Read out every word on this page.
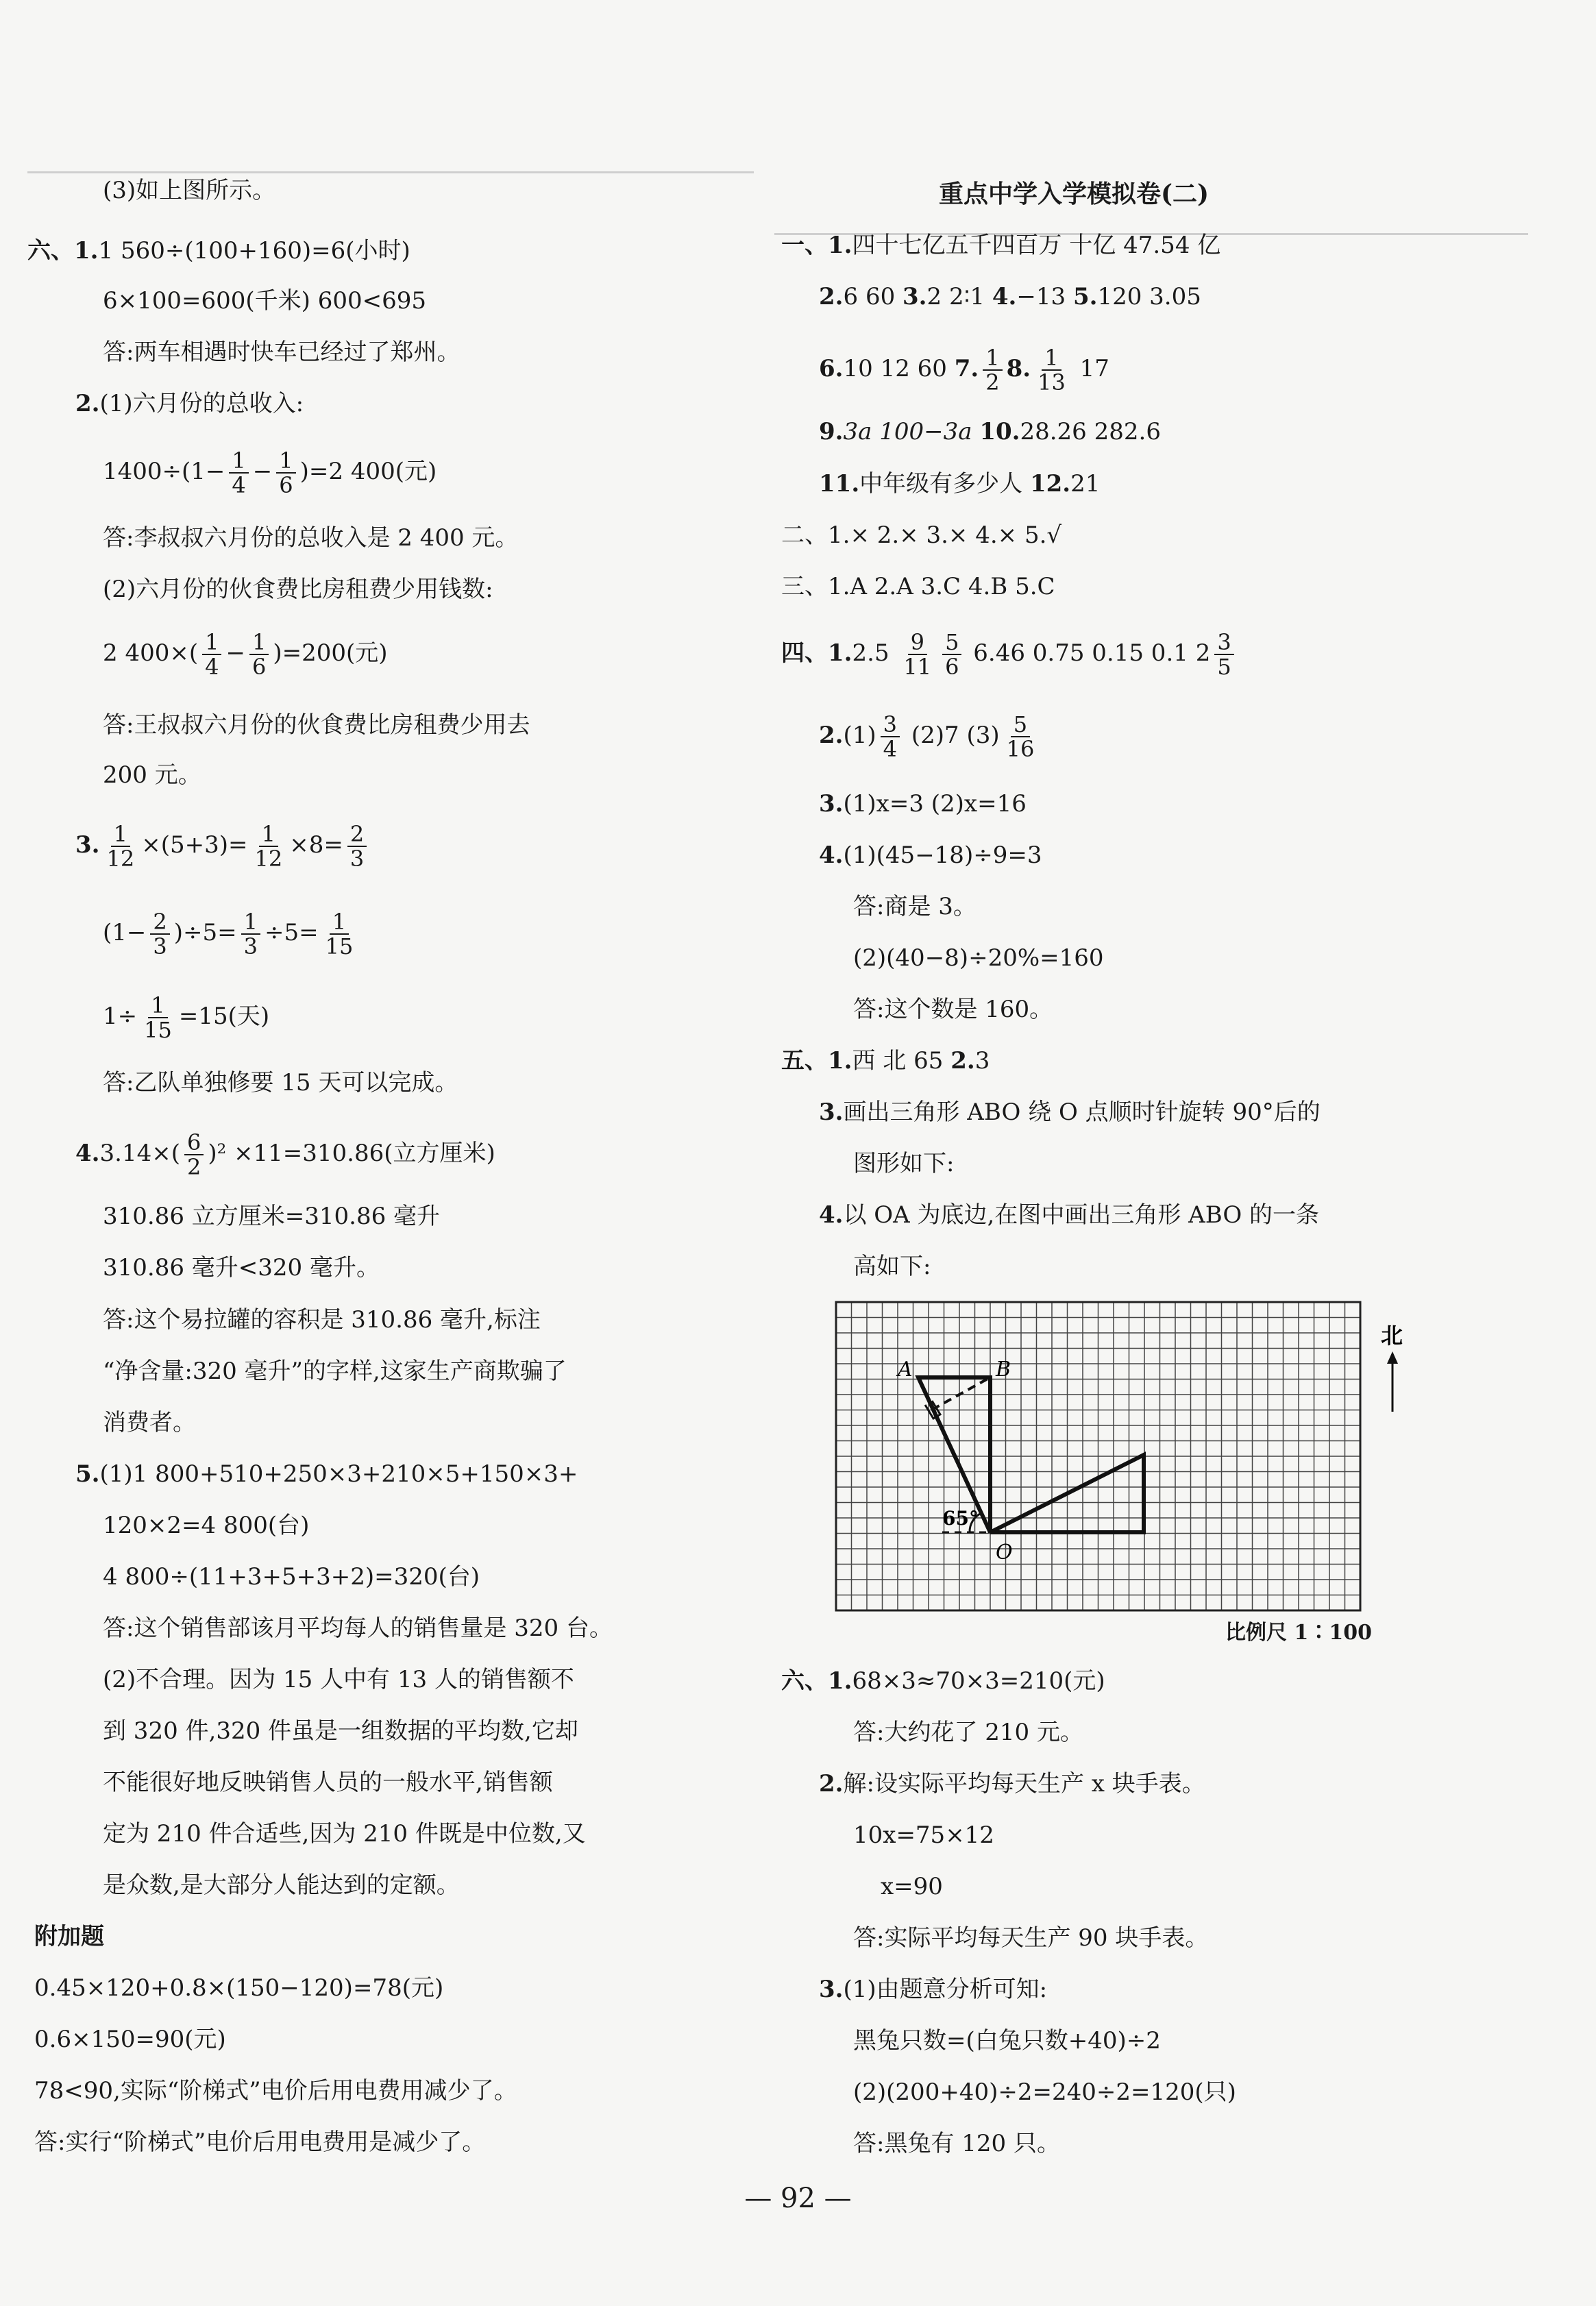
(3)如上图所示。
六、1.1 560÷(100+160)=6(小时)
6×100=600(千米) 600<695
答:两车相遇时快车已经过了郑州。
2.(1)六月份的总收入:
$1400\div(1- \frac{1}{4} - \frac{1}{6} )=2$ 400(元)
答:李叔叔六月份的总收入是 2 400 元。
(2)六月份的伙食费比房租费少用钱数:
2 $400\times( \frac{1}{4} - \frac{1}{6} )=200$(元)
答:王叔叔六月份的伙食费比房租费少用去
200 元。
3. $\frac{1}{12} \times(5+3)= \frac{1}{12} \times 8= \frac{2}{3}$
$(1- \frac{2}{3} )\div 5= \frac{1}{3} \div 5= \frac{1}{15}$
$1\div \frac{1}{15} =15$(天)
答:乙队单独修要 15 天可以完成。
$4.3.14\times( \frac{6}{2} )^2 \times 11=310.86$(立方厘米)
310.86 立方厘米=310.86 毫升
310.86 毫升<320 毫升。
答:这个易拉罐的容积是 310.86 毫升,标注
“净含量:320 毫升”的字样,这家生产商欺骗了
消费者。
5.(1)1 800+510+250×3+210×5+150×3+
120×2=4 800(台)
4 800÷(11+3+5+3+2)=320(台)
答:这个销售部该月平均每人的销售量是 320 台。
(2)不合理。因为 15 人中有 13 人的销售额不
到 320 件,320 件虽是一组数据的平均数,它却
不能很好地反映销售人员的一般水平,销售额
定为 210 件合适些,因为 210 件既是中位数,又
是众数,是大部分人能达到的定额。
附加题
0.45×120+0.8×(150−120)=78(元)
0.6×150=90(元)
78<90,实际“阶梯式”电价后用电费用减少了。
答:实行“阶梯式”电价后用电费用是减少了。
重点中学入学模拟卷(二)
一、1.四十七亿五千四百万 十亿 47.54 亿
2.6 60 3.2 2∶1 4.−13 5.120 3.05
6.10 12 60 7. $\frac{1}{2} 8$. $\frac{1}{13} 17$
9.3a 100−3a 10.28.26 282.6
11.中年级有多少人 12.21
二、1.× 2.× 3.× 4.× 5.√
三、1.A 2.A 3.C 4.B 5.C
四、$1.2.5 \frac{9}{11} \frac{5}{6} 6.46$ 0.75 0.15 0.1 $2 \frac{3}{5}$
$2.(1) \frac{3}{4} (2)7$ $(3) \frac{5}{16}$
3.(1)x=3 (2)x=16
4.(1)(45−18)÷9=3
答:商是 3。
(2)(40−8)÷20%=160
答:这个数是 160。
五、1.西 北 65 2.3
3.画出三角形 ABO 绕 O 点顺时针旋转 90°后的
图形如下:
4.以 OA 为底边,在图中画出三角形 ABO 的一条
高如下:
A	B
O
65°
北
比例尺 1∶100
六、1.68×3≈70×3=210(元)
答:大约花了 210 元。
2.解:设实际平均每天生产 x 块手表。
10x=75×12
x=90
答:实际平均每天生产 90 块手表。
3.(1)由题意分析可知:
黑兔只数=(白兔只数+40)÷2
(2)(200+40)÷2=240÷2=120(只)
答:黑兔有 120 只。
— 92 —
